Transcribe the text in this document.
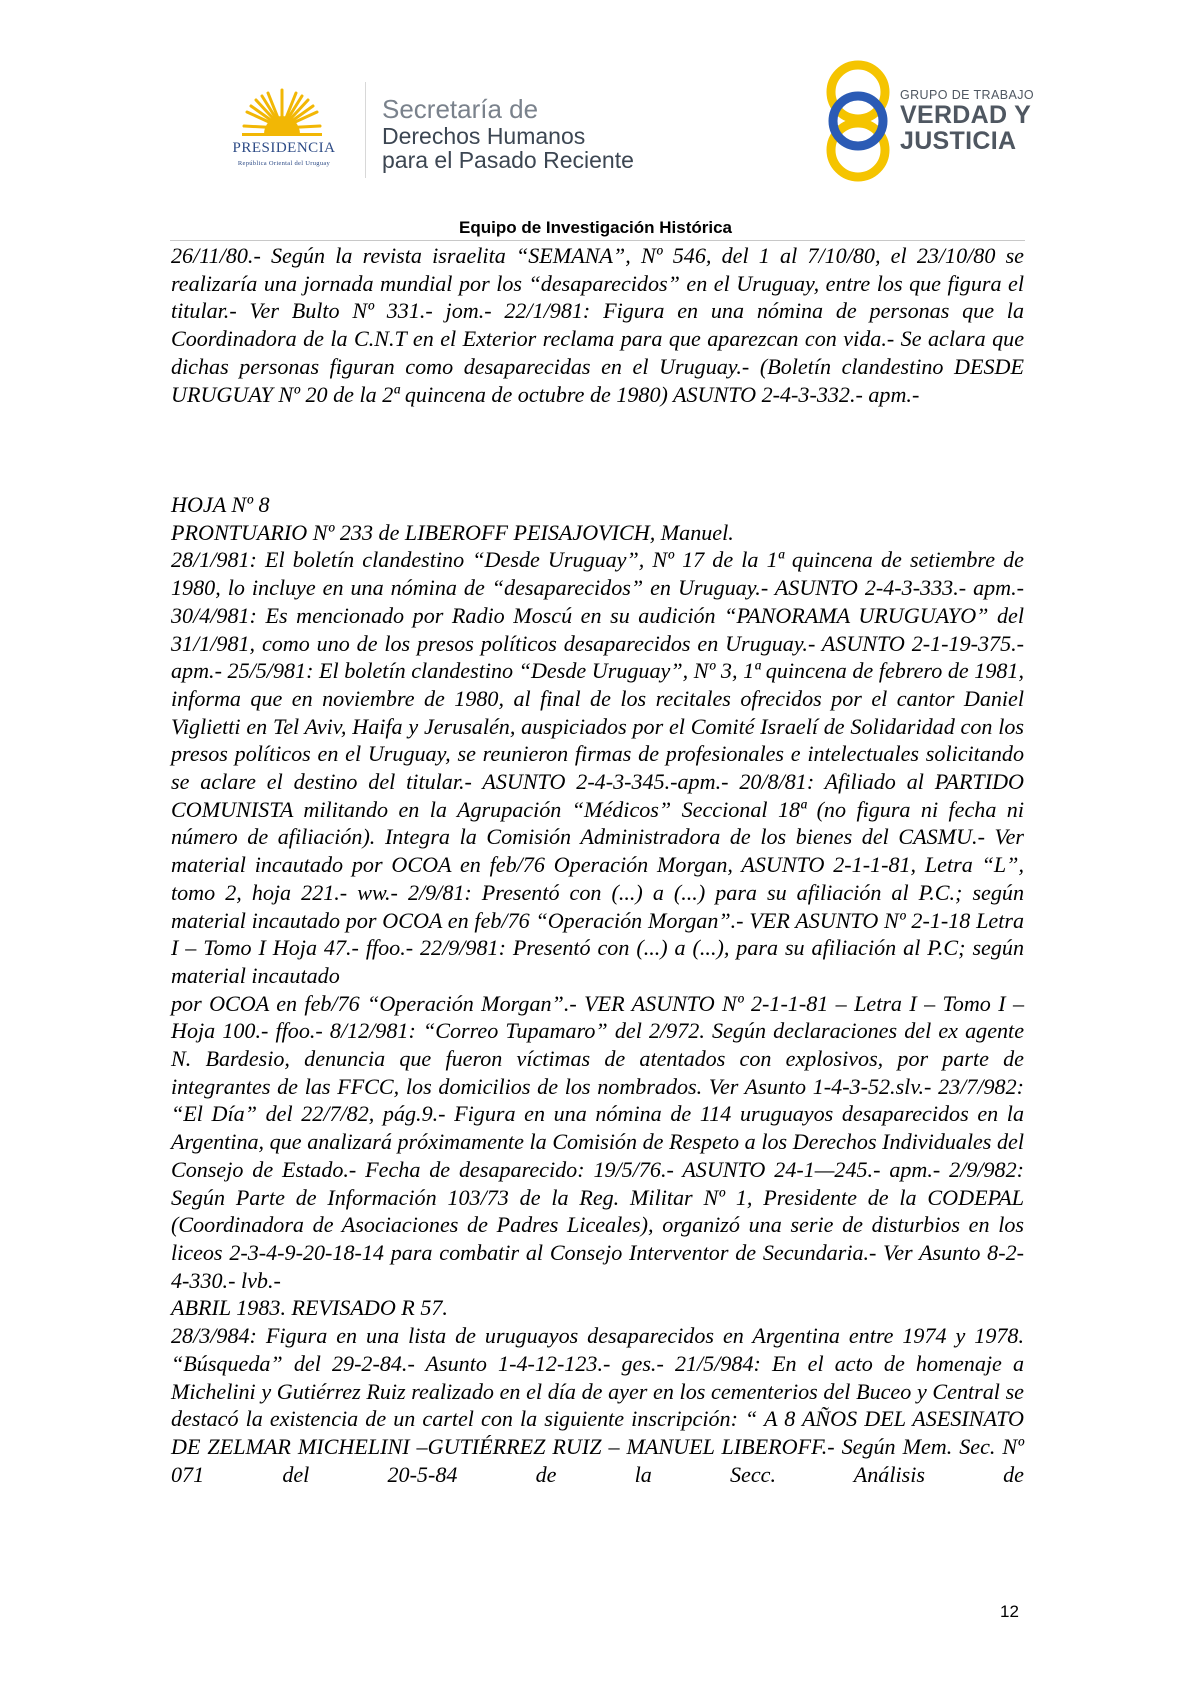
PRESIDENCIA
República Oriental del Uruguay
Secretaría de
Derechos Humanos
para el Pasado Reciente
GRUPO DE TRABAJO
VERDAD Y
JUSTICIA
Equipo de Investigación Histórica

26/11/80.- Según la revista israelita “SEMANA”, Nº 546, del 1 al 7/10/80, el 23/10/80 se realizaría una jornada mundial por los “desaparecidos” en el Uruguay, entre los que figura el titular.- Ver Bulto Nº 331.- jom.- 22/1/981: Figura en una nómina de personas que la Coordinadora de la C.N.T en el Exterior reclama para que aparezcan con vida.- Se aclara que dichas personas figuran como desaparecidas en el Uruguay.- (Boletín clandestino DESDE URUGUAY Nº 20 de la 2ª quincena de octubre de 1980) ASUNTO 2-4-3-332.- apm.-

HOJA Nº 8

PRONTUARIO Nº 233 de LIBEROFF PEISAJOVICH, Manuel.

28/1/981: El boletín clandestino “Desde Uruguay”, Nº 17 de la 1ª quincena de setiembre de 1980, lo incluye en una nómina de “desaparecidos” en Uruguay.- ASUNTO 2-4-3-333.- apm.- 30/4/981: Es mencionado por Radio Moscú en su audición “PANORAMA URUGUAYO” del 31/1/981, como uno de los presos políticos desaparecidos en Uruguay.- ASUNTO 2-1-19-375.- apm.- 25/5/981: El boletín clandestino “Desde Uruguay”, Nº 3, 1ª quincena de febrero de 1981, informa que en noviembre de 1980, al final de los recitales ofrecidos por el cantor Daniel Viglietti en Tel Aviv, Haifa y Jerusalén, auspiciados por el Comité Israelí de Solidaridad con los presos políticos en el Uruguay, se reunieron firmas de profesionales e intelectuales solicitando se aclare el destino del titular.- ASUNTO 2-4-3-345.-apm.- 20/8/81: Afiliado al PARTIDO COMUNISTA militando en la Agrupación “Médicos” Seccional 18ª (no figura ni fecha ni número de afiliación). Integra la Comisión Administradora de los bienes del CASMU.- Ver material incautado por OCOA en feb/76 Operación Morgan, ASUNTO 2-1-1-81, Letra “L”, tomo 2, hoja 221.- ww.- 2/9/81: Presentó con (...) a (...) para su afiliación al P.C.; según material incautado por OCOA en feb/76 “Operación Morgan”.- VER ASUNTO Nº 2-1-18 Letra I – Tomo I Hoja 47.- ffoo.- 22/9/981: Presentó con (...) a (...), para su afiliación al P.C; según material incautado

por OCOA en feb/76 “Operación Morgan”.- VER ASUNTO Nº 2-1-1-81 – Letra I – Tomo I – Hoja 100.- ffoo.- 8/12/981: “Correo Tupamaro” del 2/972. Según declaraciones del ex agente N. Bardesio, denuncia que fueron víctimas de atentados con explosivos, por parte de integrantes de las FFCC, los domicilios de los nombrados. Ver Asunto 1-4-3-52.slv.- 23/7/982: “El Día” del 22/7/82, pág.9.- Figura en una nómina de 114 uruguayos desaparecidos en la Argentina, que analizará próximamente la Comisión de Respeto a los Derechos Individuales del Consejo de Estado.- Fecha de desaparecido: 19/5/76.- ASUNTO 24-1—245.- apm.- 2/9/982: Según Parte de Información 103/73 de la Reg. Militar Nº 1, Presidente de la CODEPAL (Coordinadora de Asociaciones de Padres Liceales), organizó una serie de disturbios en los liceos 2-3-4-9-20-18-14 para combatir al Consejo Interventor de Secundaria.- Ver Asunto 8-2-4-330.- lvb.-

ABRIL 1983. REVISADO R 57.

28/3/984: Figura en una lista de uruguayos desaparecidos en Argentina entre 1974 y 1978. “Búsqueda” del 29-2-84.- Asunto 1-4-12-123.- ges.- 21/5/984: En el acto de homenaje a Michelini y Gutiérrez Ruiz realizado en el día de ayer en los cementerios del Buceo y Central se destacó la existencia de un cartel con la siguiente inscripción: “ A 8 AÑOS DEL ASESINATO DE ZELMAR MICHELINI –GUTIÉRREZ RUIZ – MANUEL LIBEROFF.- Según Mem. Sec. Nº 071 del 20-5-84 de la Secc. Análisis de

12
